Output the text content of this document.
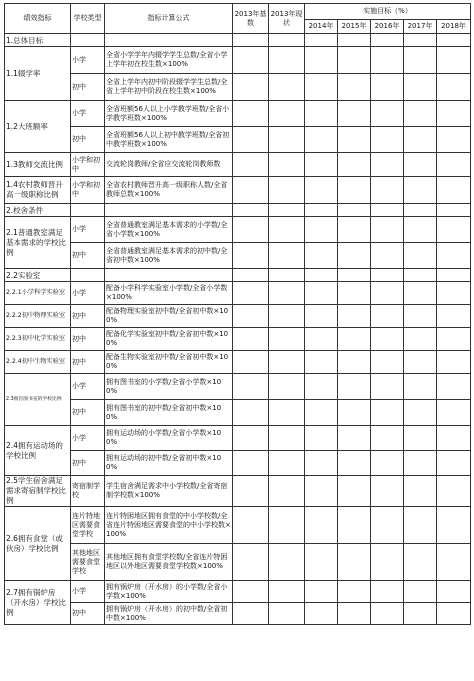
绩效指标	学校类型	指标计算公式	2013年基数	2013年现状	实施目标（%）				
					2014年	2015年	2016年	2017年	2018年
1.总体目标									
1.1辍学率	小学	全省小学学年内辍学学生总数/全省小学上学年初在校生数×100%							
	初中	全省上学年内初中阶段辍学学生总数/全省上学年初中阶段在校生数×100%							
1.2大班额率	小学	全省班额56人以上小学教学班数/全省小学教学班数×100%							
	初中	全省班额56人以上初中教学班数/全省初中教学班数×100%							
1.3教师交流比例	小学和初中	交流轮岗教师/全省应交流轮岗教师数							
1.4农村教师晋升高一级职称比例	小学和初中	全省农村教师晋升高一级职称人数/全省教师总数×100%							
2.校舍条件									
2.1普通教室满足基本需求的学校比例	小学	全省普通教室满足基本需求的小学数/全省小学数×100%							
	初中	全省普通教室满足基本需求的初中数/全省初中数×100%							
2.2实验室									
2.2.1小学科学实验室	小学	配备小学科学实验室小学数/全省小学数×100%							
2.2.2初中物理实验室	初中	配备物理实验室初中数/全省初中数×100%							
2.2.3初中化学实验室	初中	配备化学实验室初中数/全省初中数×100%							
2.2.4初中生物实验室	初中	配备生物实验室初中数/全省初中数×100%							
2.3拥有图书室的学校比例	小学	拥有图书室的小学数/全省小学数×100%							
	初中	拥有图书室的初中数/全省初中数×100%							
2.4拥有运动场的学校比例	小学	拥有运动场的小学数/全省小学数×100%							
	初中	拥有运动场的初中数/全省初中数×100%							
2.5学生宿舍满足需求寄宿制学校比例	寄宿制学校	学生宿舍满足需求中小学校数/全省寄宿制学校数×100%							
2.6拥有食堂（或伙房）学校比例	连片特地区需要食堂学校	连片特困地区拥有食堂的中小学校数/全省连片特困地区需要食堂的中小学校数×100%							
	其他地区需要食堂学校	其他地区拥有食堂学校数/全省连片特困地区以外地区需要食堂学校数×100%							
2.7拥有锅炉房（开水房）学校比例	小学	拥有锅炉房（开水房）的小学数/全省小学数×100%							
	初中	拥有锅炉房（开水房）的初中数/全省初中数×100%							
